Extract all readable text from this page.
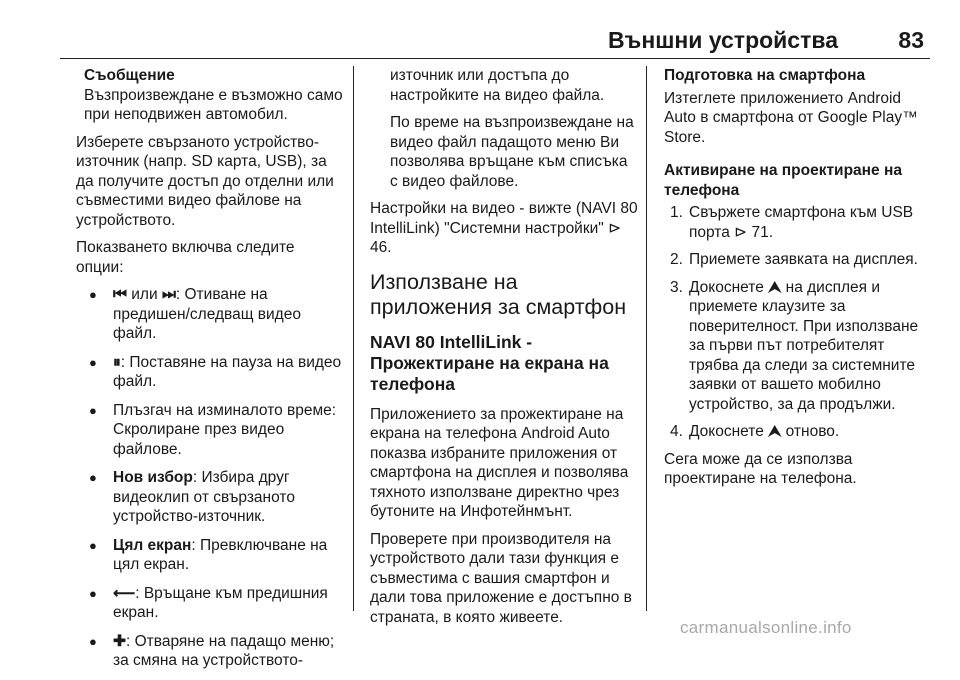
Външни устройства	83
Съобщение
Възпроизвеждане е възможно само при неподвижен автомобил.

Изберете свързаното устройство-източник (напр. SD карта, USB), за да получите достъп до отделни или съвместими видео файлове на устройството.

Показването включва следите опции:

● ⏮ или ⏭: Отиване на предишен/следващ видео файл.
● ⏸: Поставяне на пауза на видео файл.
● Плъзгач на изминалото време: Скролиране през видео файлове.
● Нов избор: Избира друг видеоклип от свързаното устройство-източник.
● Цял екран: Превключване на цял екран.
● ⟵: Връщане към предишния екран.
● ✚: Отваряне на падащо меню; за смяна на устройството-

източник или достъпа до настройките на видео файла.

По време на възпроизвеждане на видео файл падащото меню Ви позволява връщане към списъка с видео файлове.

Настройки на видео - вижте (NAVI 80 IntelliLink) "Системни настройки" ⊳ 46.

Използване на приложения за смартфон
NAVI 80 IntelliLink - Прожектиране на екрана на телефона

Приложението за прожектиране на екрана на телефона Android Auto показва избраните приложения от смартфона на дисплея и позволява тяхното използване директно чрез бутоните на Инфотейнмънт.

Проверете при производителя на устройството дали тази функция е съвместима с вашия смартфон и дали това приложение е достъпно в страната, в която живеете.

Подготовка на смартфона

Изтеглете приложението Android Auto в смартфона от Google Play™ Store.

Активиране на проектиране на телефона
1. Свържете смартфона към USB порта ⊳ 71.
2. Приемете заявката на дисплея.
3. Докоснете ⮝ на дисплея и приемете клаузите за поверителност. При използване за първи път потребителят трябва да следи за системните заявки от вашето мобилно устройство, за да продължи.
4. Докоснете ⮝ отново.

Сега може да се използва проектиране на телефона.

carmanualsonline.info
